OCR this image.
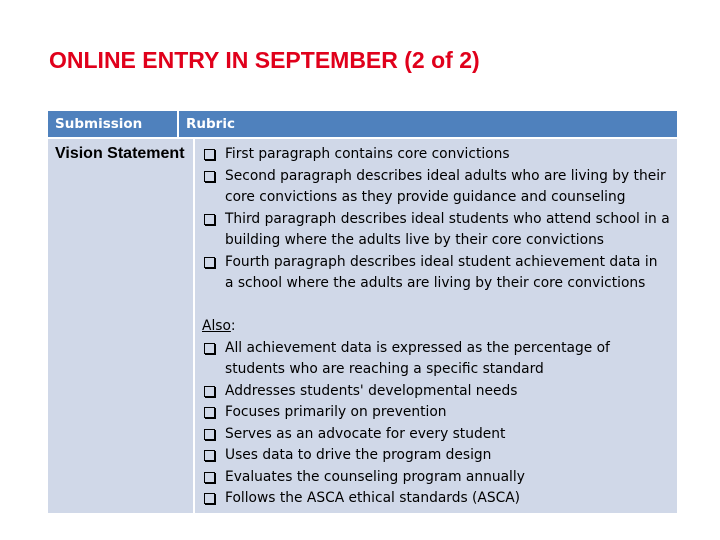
ONLINE ENTRY IN SEPTEMBER (2 of 2)
Submission	Rubric
Vision Statement	First paragraph contains core convictions
Second paragraph describes ideal adults who are living by their core convictions as they provide guidance and counseling
Third paragraph describes ideal students who attend school in a building where the adults live by their core convictions
Fourth paragraph describes ideal student achievement data in a school where the adults are living by their core convictions
Also:
All achievement data is expressed as the percentage of students who are reaching a specific standard
Addresses students' developmental needs
Focuses primarily on prevention
Serves as an advocate for every student
Uses data to drive the program design
Evaluates the counseling program annually
Follows the ASCA ethical standards (ASCA)
